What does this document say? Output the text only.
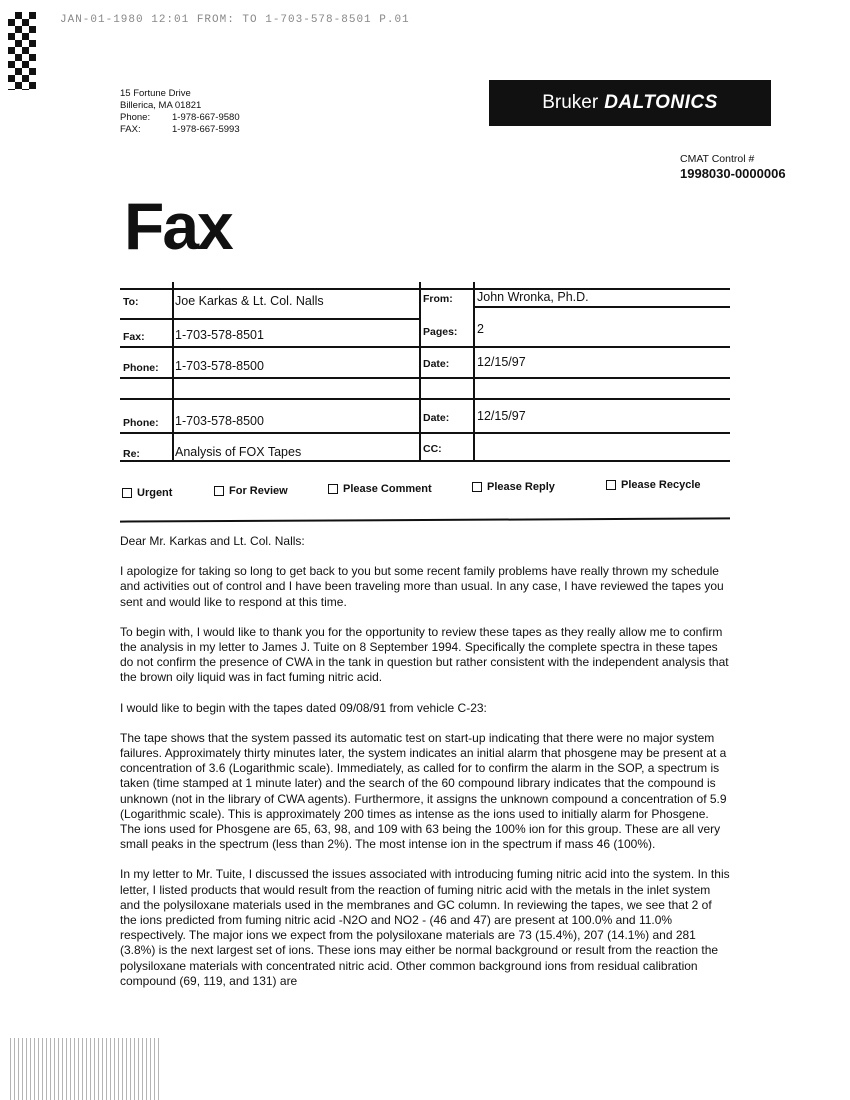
JAN-01-1980 12:01 FROM: TO 1-703-578-8501 P.01
15 Fortune Drive
Billerica, MA 01821
Phone:	1-978-667-9580
FAX:	1-978-667-5993
Bruker DALTONICS
CMAT Control #
1998030-0000006
Fax
To:	Joe Karkas & Lt. Col. Nalls	From: John Wronka, Ph.D.
Fax: 1-703-578-8501	Pages: 2
Phone: 1-703-578-8500	Date: 12/15/97
Phone: 1-703-578-8500	Date: 12/15/97
Re:	Analysis of FOX Tapes	CC:
Urgent	For Review	Please Comment	Please Reply	Please Recycle

Dear Mr. Karkas and Lt. Col. Nalls:

I apologize for taking so long to get back to you but some recent family problems have really thrown my schedule and activities out of control and I have been traveling more than usual. In any case, I have reviewed the tapes you sent and would like to respond at this time.

To begin with, I would like to thank you for the opportunity to review these tapes as they really allow me to confirm the analysis in my letter to James J. Tuite on 8 September 1994. Specifically the complete spectra in these tapes do not confirm the presence of CWA in the tank in question but rather consistent with the independent analysis that the brown oily liquid was in fact fuming nitric acid.

I would like to begin with the tapes dated 09/08/91 from vehicle C-23:

The tape shows that the system passed its automatic test on start-up indicating that there were no major system failures. Approximately thirty minutes later, the system indicates an initial alarm that phosgene may be present at a concentration of 3.6 (Logarithmic scale). Immediately, as called for to confirm the alarm in the SOP, a spectrum is taken (time stamped at 1 minute later) and the search of the 60 compound library indicates that the compound is unknown (not in the library of CWA agents). Furthermore, it assigns the unknown compound a concentration of 5.9 (Logarithmic scale). This is approximately 200 times as intense as the ions used to initially alarm for Phosgene. The ions used for Phosgene are 65, 63, 98, and 109 with 63 being the 100% ion for this group. These are all very small peaks in the spectrum (less than 2%). The most intense ion in the spectrum if mass 46 (100%).

In my letter to Mr. Tuite, I discussed the issues associated with introducing fuming nitric acid into the system. In this letter, I listed products that would result from the reaction of fuming nitric acid with the metals in the inlet system and the polysiloxane materials used in the membranes and GC column. In reviewing the tapes, we see that 2 of the ions predicted from fuming nitric acid -N2O and NO2 - (46 and 47) are present at 100.0% and 11.0% respectively. The major ions we expect from the polysiloxane materials are 73 (15.4%), 207 (14.1%) and 281 (3.8%) is the next largest set of ions. These ions may either be normal background or result from the reaction the polysiloxane materials with concentrated nitric acid. Other common background ions from residual calibration compound (69, 119, and 131) are
